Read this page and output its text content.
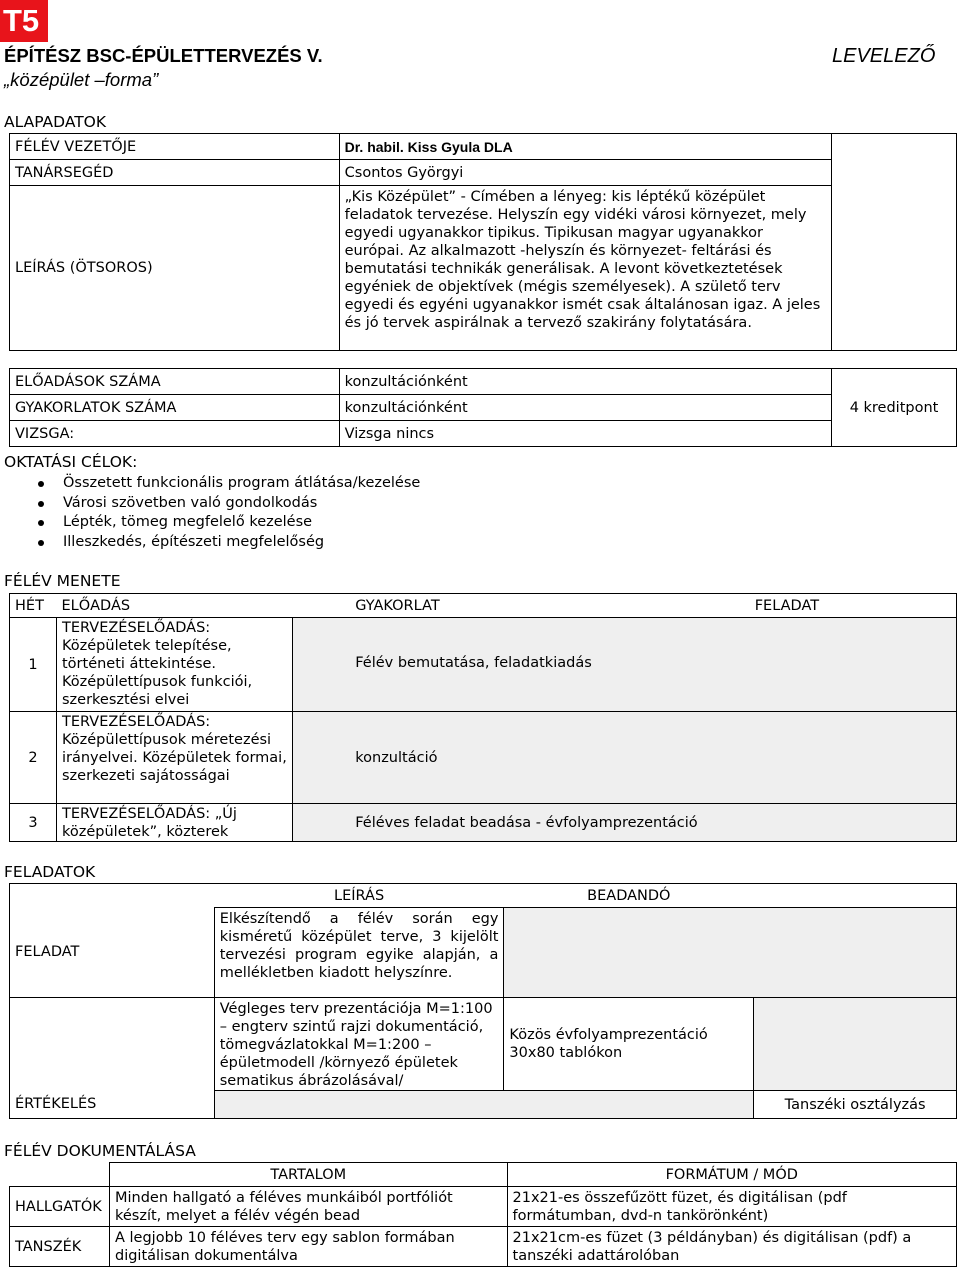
T5
ÉPÍTÉSZ BSC-ÉPÜLETTERVEZÉS V.
„középület –forma”
LEVELEZŐ
ALAPADATOK
FÉLÉV VEZETŐJE	Dr. habil. Kiss Gyula DLA	
TANÁRSEGÉD	Csontos Györgyi	
LEÍRÁS (ÖTSOROS)	„Kis Középület” - Címében a lényeg: kis léptékű középület feladatok tervezése. Helyszín egy vidéki városi környezet, mely egyedi ugyanakkor tipikus. Tipikusan magyar ugyanakkor európai. Az alkalmazott -helyszín és környezet- feltárási és bemutatási technikák generálisak. A levont következtetések egyéniek de objektívek (mégis személyesek). A születő terv egyedi és egyéni ugyanakkor ismét csak általánosan igaz. A jeles és jó tervek aspirálnak a tervező szakirány folytatására.	

ELŐADÁSOK SZÁMA	konzultációnként	4 kreditpont
GYAKORLATOK SZÁMA	konzultációnként	
VIZSGA:	Vizsga nincs	
OKTATÁSI CÉLOK:
Összetett funkcionális program átlátása/kezelése
Városi szövetben való gondolkodás
Lépték, tömeg megfelelő kezelése
Illeszkedés, építészeti megfelelőség
FÉLÉV MENETE
HÉT	ELŐADÁS		GYAKORLAT	FELADAT
1	TERVEZÉSELŐADÁS: Középületek telepítése, történeti áttekintése. Középülettípusok funkciói, szerkesztési elvei		Félév bemutatása, feladatkiadás	
2	TERVEZÉSELŐADÁS: Középülettípusok méretezési irányelvei. Középületek formai, szerkezeti sajátosságai		konzultáció	
3	TERVEZÉSELŐADÁS: „Új középületek”, közterek		Féléves feladat beadása - évfolyamprezentáció	
FELADATOK
	LEÍRÁS	BEADANDÓ	
FELADAT	Elkészítendő a félév során egy kisméretű középület terve, 3 kijelölt tervezési program egyike alapján, a mellékletben kiadott helyszínre.		
	Végleges terv prezentációja M=1:100 – engterv szintű rajzi dokumentáció, tömegvázlatokkal M=1:200 – épületmodell /környező épületek sematikus ábrázolásával/	Közös évfolyamprezentáció 30x80 tablókon	
ÉRTÉKELÉS			Tanszéki osztályzás
FÉLÉV DOKUMENTÁLÁSA
	TARTALOM	FORMÁTUM / MÓD
HALLGATÓK	Minden hallgató a féléves munkáiból portfóliót készít, melyet a félév végén bead	21x21-es összefűzött füzet, és digitálisan (pdf formátumban, dvd-n tankörönként)
TANSZÉK	A legjobb 10 féléves terv egy sablon formában digitálisan dokumentálva	21x21cm-es füzet (3 példányban) és digitálisan (pdf) a tanszéki adattárolóban
